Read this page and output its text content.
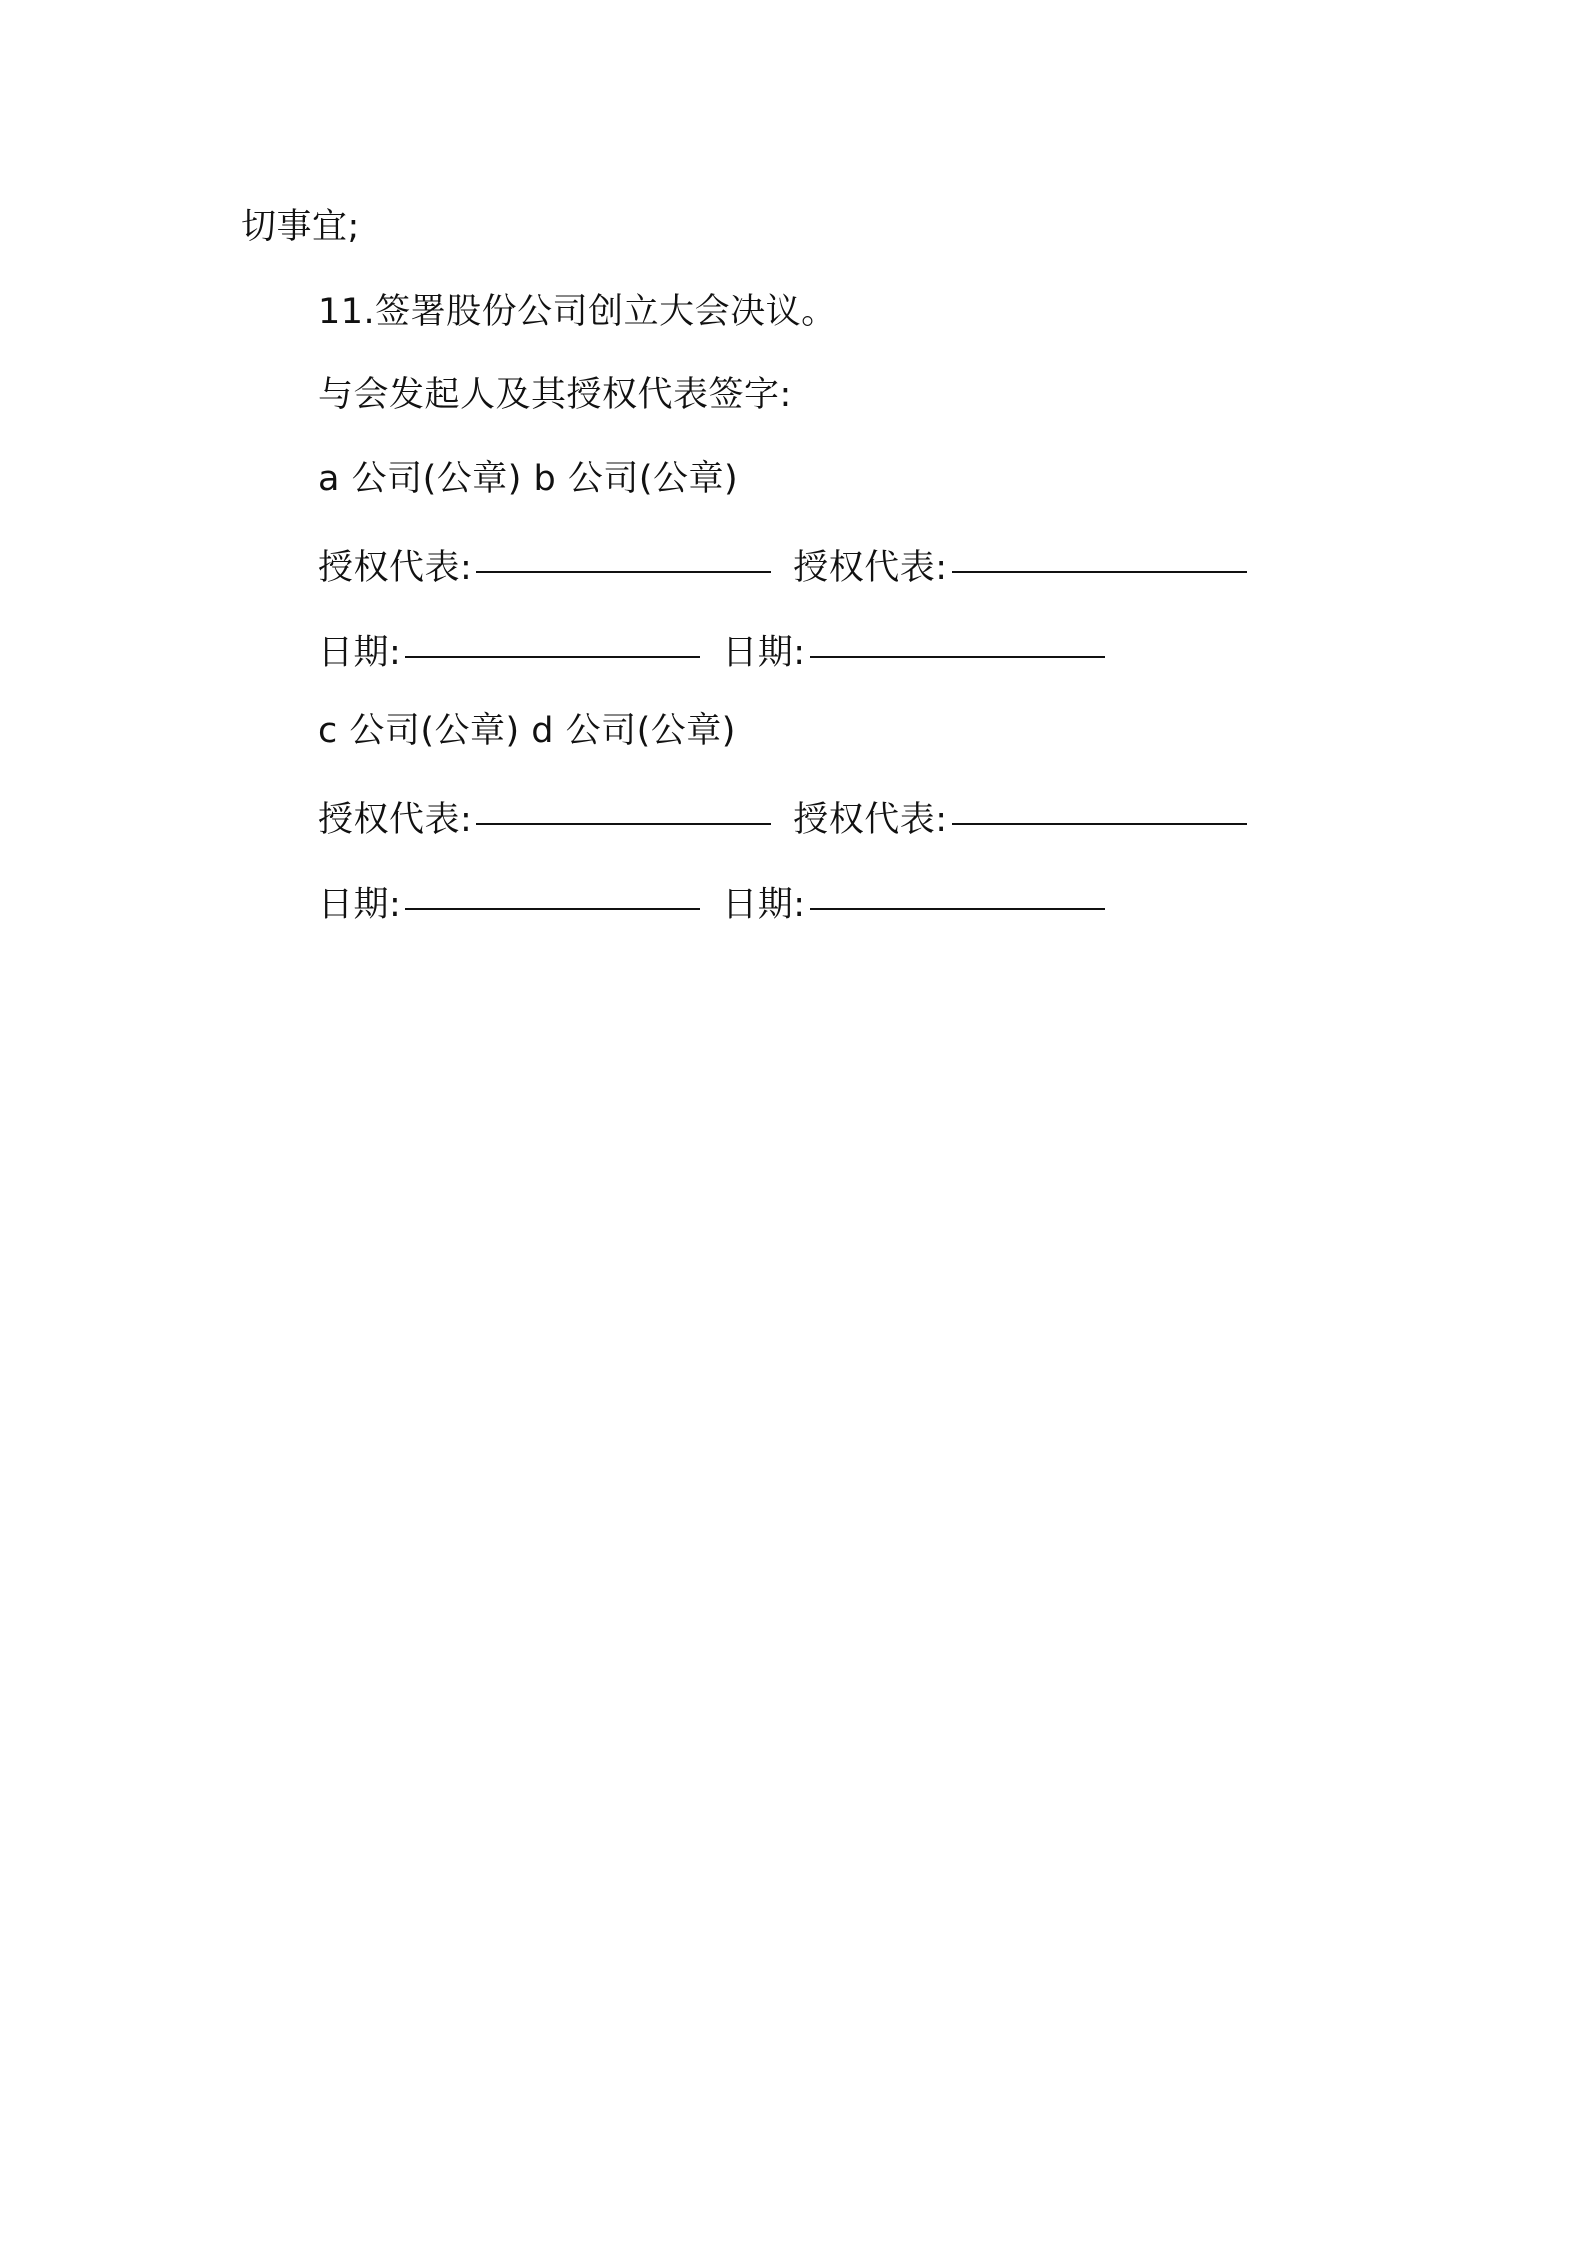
切事宜;
11.签署股份公司创立大会决议。
与会发起人及其授权代表签字:
a 公司(公章) b 公司(公章)
授权代表:	授权代表:
日期:	日期:
c 公司(公章) d 公司(公章)
授权代表:	授权代表:
日期:	日期:
